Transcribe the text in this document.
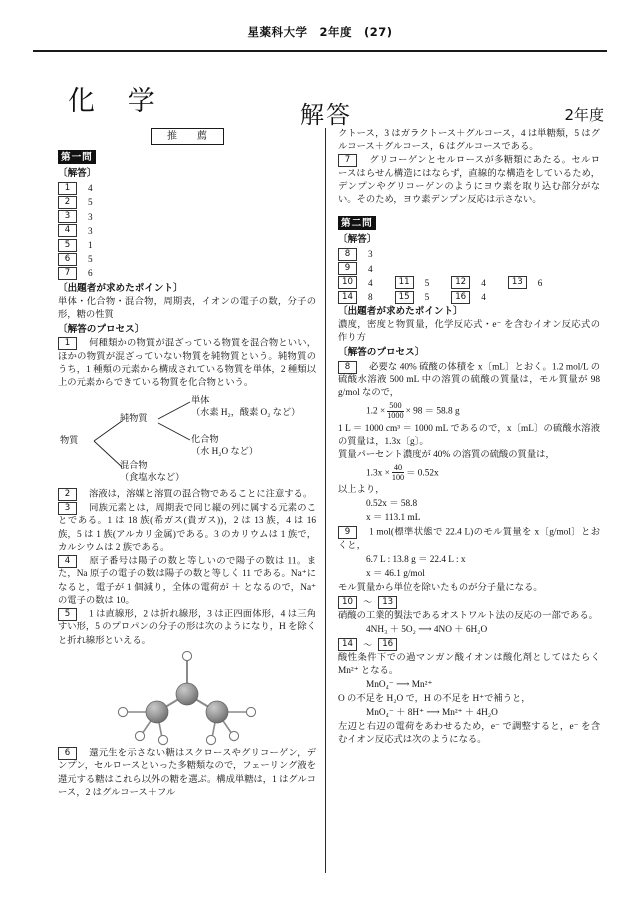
星薬科大学　2年度　(27)
化 学	解答	2年度
推　薦
第一問
〔解答〕
1 4
2 5
3 3
4 3
5 1
6 5
7 6
〔出題者が求めたポイント〕

単体・化合物・混合物，周期表，イオンの電子の数，分子の形，糖の性質

〔解答のプロセス〕

1 何種類かの物質が混ざっている物質を混合物といい，ほかの物質が混ざっていない物質を純物質という。純物質のうち，1 種類の元素から構成されている物質を単体，2 種類以上の元素からできている物質を化合物という。

物質
純物質
混合物
（食塩水など）
単体
（水素 H₂，酸素 O₂ など）
化合物
（水 H₂O など）

2 溶液は，溶媒と溶質の混合物であることに注意する。

3 同族元素とは，周期表で同じ縦の列に属する元素のことである。1 は 18 族(希ガス(貴ガス))，2 は 13 族，4 は 16 族，5 は 1 族(アルカリ金属)である。3 のカリウムは 1 族で，カルシウムは 2 族である。

4 原子番号は陽子の数と等しいので陽子の数は 11。また，Na 原子の電子の数は陽子の数と等しく 11 である。Na⁺になると，電子が 1 個減り，全体の電荷が ＋ となるので，Na⁺の電子の数は 10。

5 1 は直線形，2 は折れ線形，3 は正四面体形，4 は三角すい形，5 のプロパンの分子の形は次のようになり，H を除くと折れ線形といえる。

6 還元生を示さない糖はスクロースやグリコーゲン，デンプン，セルロースといった多糖類なので，フェーリング液を還元する糖はこれら以外の糖を選ぶ。構成単糖は，1 はグルコース，2 はグルコース＋フル

クトース，3 はガラクトース＋グルコース，4 は単糖類，5 はグルコース＋グルコース，6 はグルコースである。

7 グリコーゲンとセルロースが多糖類にあたる。セルロースはらせん構造にはならず，直線的な構造をしているため，デンプンやグリコーゲンのようにヨウ素を取り込む部分がない。そのため，ヨウ素デンプン反応は示さない。

第二問
〔解答〕
8 3
9 4
10 4	11 5	12 4	13 6
14 8	15 5	16 4
〔出題者が求めたポイント〕

濃度，密度と物質量，化学反応式・e⁻ を含むイオン反応式の作り方

〔解答のプロセス〕

8 必要な 40% 硫酸の体積を x〔mL〕とおく。1.2 mol/L の硫酸水溶液 500 mL 中の溶質の硫酸の質量は，モル質量が 98 g/mol なので，

$1.2 \times \frac{500}{1000} \times 98 = 58.8$ g

1 L ＝ 1000 cm³ ＝ 1000 mL であるので，x〔mL〕の硫酸水溶液の質量は，1.3x〔g〕。

質量パーセント濃度が 40% の溶質の硫酸の質量は，

$1.3x \times \frac{40}{100} = 0.52x$

以上より，

0.52x ＝ 58.8
x ＝ 113.1 mL

9 1 mol(標準状態で 22.4 L)のモル質量を x〔g/mol〕とおくと，

6.7 L : 13.8 g ＝ 22.4 L : x
x ＝ 46.1 g/mol

モル質量から単位を除いたものが分子量になる。

10 〜 13

硝酸の工業的製法であるオストワルト法の反応の一部である。

4NH₃ ＋ 5O₂ ⟶ 4NO ＋ 6H₂O
14 〜 16

酸性条件下での過マンガン酸イオンは酸化剤としてはたらく Mn²⁺ となる。

MnO₄⁻ ⟶ Mn²⁺

O の不足を H₂O で，H の不足を H⁺で補うと，

MnO₄⁻ ＋ 8H⁺ ⟶ Mn²⁺ ＋ 4H₂O

左辺と右辺の電荷をあわせるため，e⁻ で調整すると，e⁻ を含むイオン反応式は次のようになる。
